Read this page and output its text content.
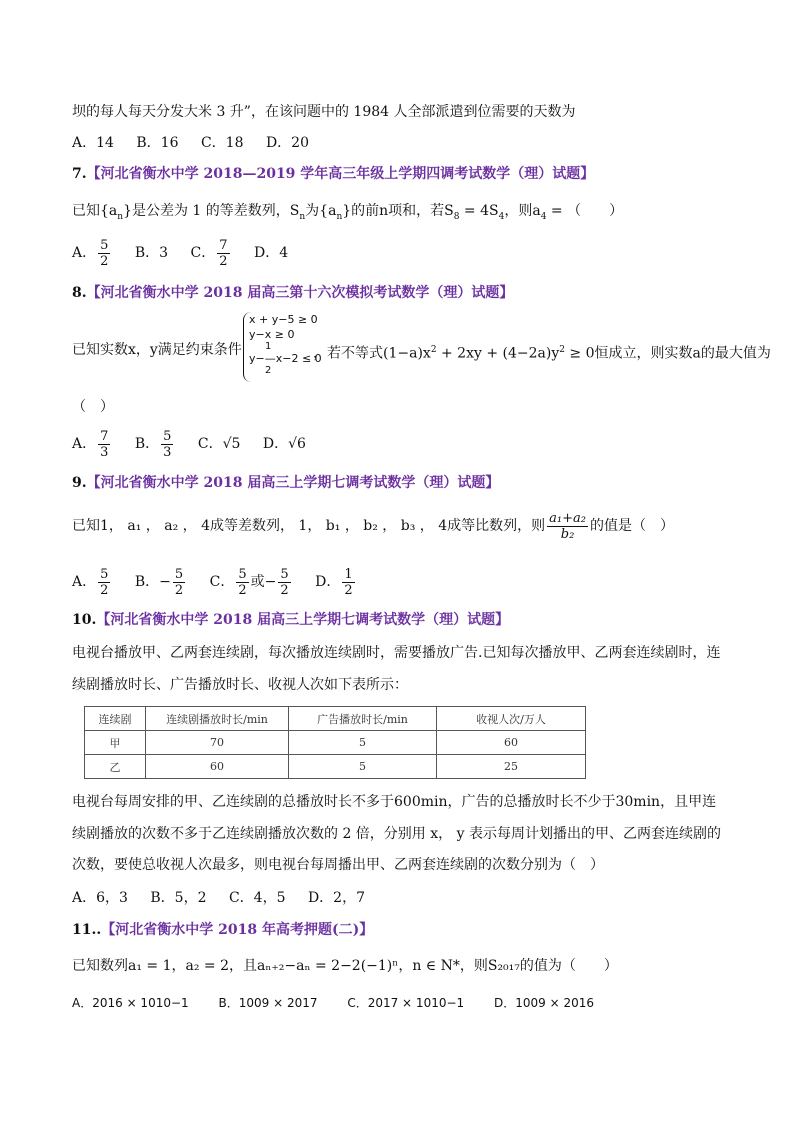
坝的每人每天分发大米 3 升”，在该问题中的 1984 人全部派遣到位需要的天数为
A．14 B．16 C．18 D．20
7.【河北省衡水中学 2018—2019 学年高三年级上学期四调考试数学（理）试题】
已知$\{a_n\}$是公差为 1 的等差数列，$S_n$为$\{a_n\}$的前n项和，若$S_8 = 4S_4$，则$a_4$ = （　　）
A． $\frac{5}{2}$ B．3 C． $\frac{7}{2}$ D．4
8.【河北省衡水中学 2018 届高三第十六次模拟考试数学（理）试题】
已知实数x，y满足约束条件
x + y−5 ≥ 0
y−x ≥ 0
1
y−—x−2 ≤ 0
2
，若不等式$(1-a)x^2 + 2xy + (4-2a)y^2 \ge 0$恒成立，则实数a的最大值为
（　）
A． $\frac{7}{3}$ B． $\frac{5}{3}$ C．√5 D．√6
9.【河北省衡水中学 2018 届高三上学期七调考试数学（理）试题】
已知1， a₁ ， a₂ ， 4成等差数列， 1， b₁ ， b₂ ， b₃ ， 4成等比数列，则 $\frac{\text{a₁+a₂}}{\text{b₂}}$ 的值是（　）
A． $\frac{5}{2}$ B．− $\frac{5}{2}$ C． $\frac{5}{2}$ 或− $\frac{5}{2}$ D． $\frac{1}{2}$
10.【河北省衡水中学 2018 届高三上学期七调考试数学（理）试题】
电视台播放甲、乙两套连续剧，每次播放连续剧时，需要播放广告.已知每次播放甲、乙两套连续剧时，连
续剧播放时长、广告播放时长、收视人次如下表所示：
连续剧	连续剧播放时长/min	广告播放时长/min	收视人次/万人
甲	70	5	60
乙	60	5	25
电视台每周安排的甲、乙连续剧的总播放时长不多于600min，广告的总播放时长不少于30min，且甲连
续剧播放的次数不多于乙连续剧播放次数的 2 倍，分别用 x， y 表示每周计划播出的甲、乙两套连续剧的
次数，要使总收视人次最多，则电视台每周播出甲、乙两套连续剧的次数分别为（　）
A．6，3 B．5，2 C．4，5 D．2，7
11..【河北省衡水中学 2018 年高考押题(二)】
已知数列a₁ = 1，a₂ = 2，且aₙ₊₂−aₙ = 2−2(−1)ⁿ，n ∈ N*，则S₂₀₁₇的值为（　　）
A．2016 × 1010−1 B．1009 × 2017 C．2017 × 1010−1 D．1009 × 2016
